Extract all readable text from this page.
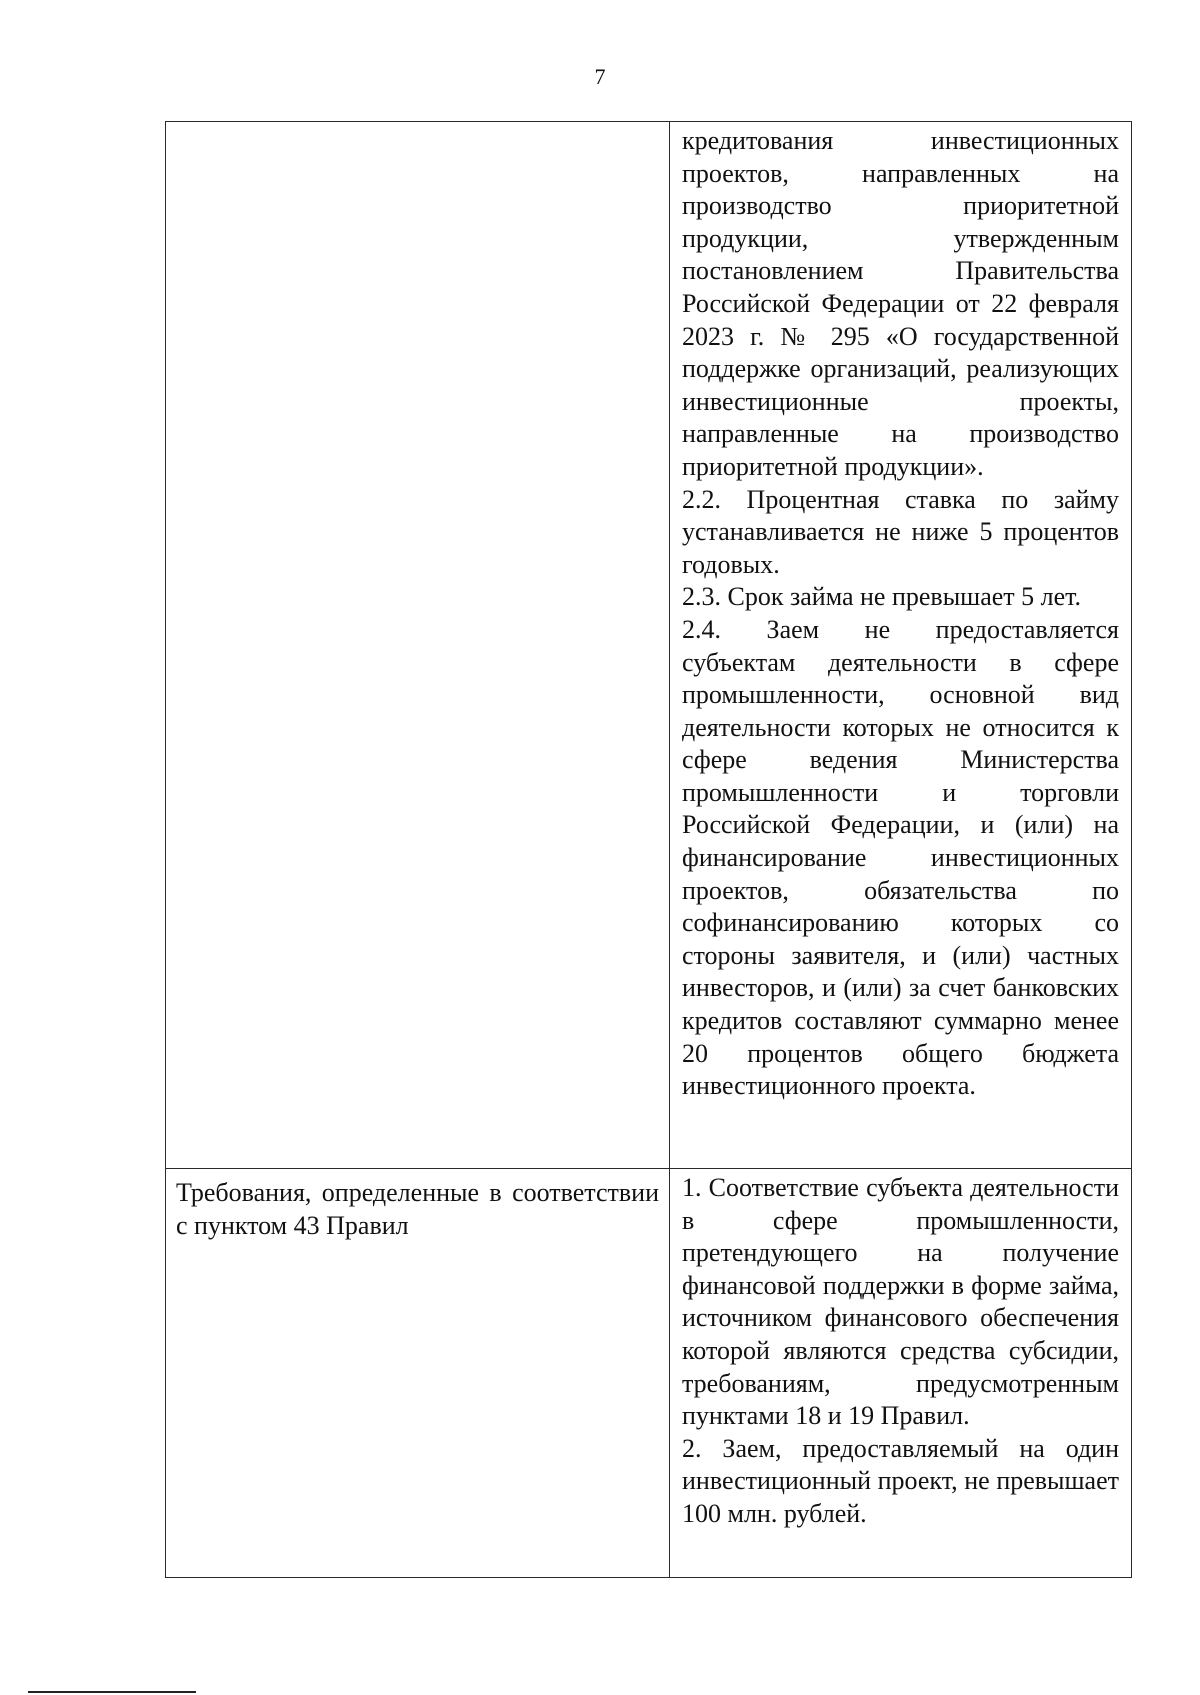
7

	кредитования инвестиционных проектов, направленных на производство приоритетной продукции, утвержденным постановлением Правительства Российской Федерации от 22 февраля 2023 г. № 295 «О государственной поддержке организаций, реализующих инвестиционные проекты, направленные на производство приоритетной продукции».

2.2. Процентная ставка по займу устанавливается не ниже 5 процентов годовых.

2.3. Срок займа не превышает 5 лет.

2.4. Заем не предоставляется субъектам деятельности в сфере промышленности, основной вид деятельности которых не относится к сфере ведения Министерства промышленности и торговли Российской Федерации, и (или) на финансирование инвестиционных проектов, обязательства по софинансированию которых со стороны заявителя, и (или) частных инвесторов, и (или) за счет банковских кредитов составляют суммарно менее 20 процентов общего бюджета инвестиционного проекта.

Требования, определенные в соответствии с пунктом 43 Правил	1. Соответствие субъекта деятельности в сфере промышленности, претендующего на получение финансовой поддержки в форме займа, источником финансового обеспечения которой являются средства субсидии, требованиям, предусмотренным пунктами 18 и 19 Правил.

2. Заем, предоставляемый на один инвестиционный проект, не превышает 100 млн. рублей.
